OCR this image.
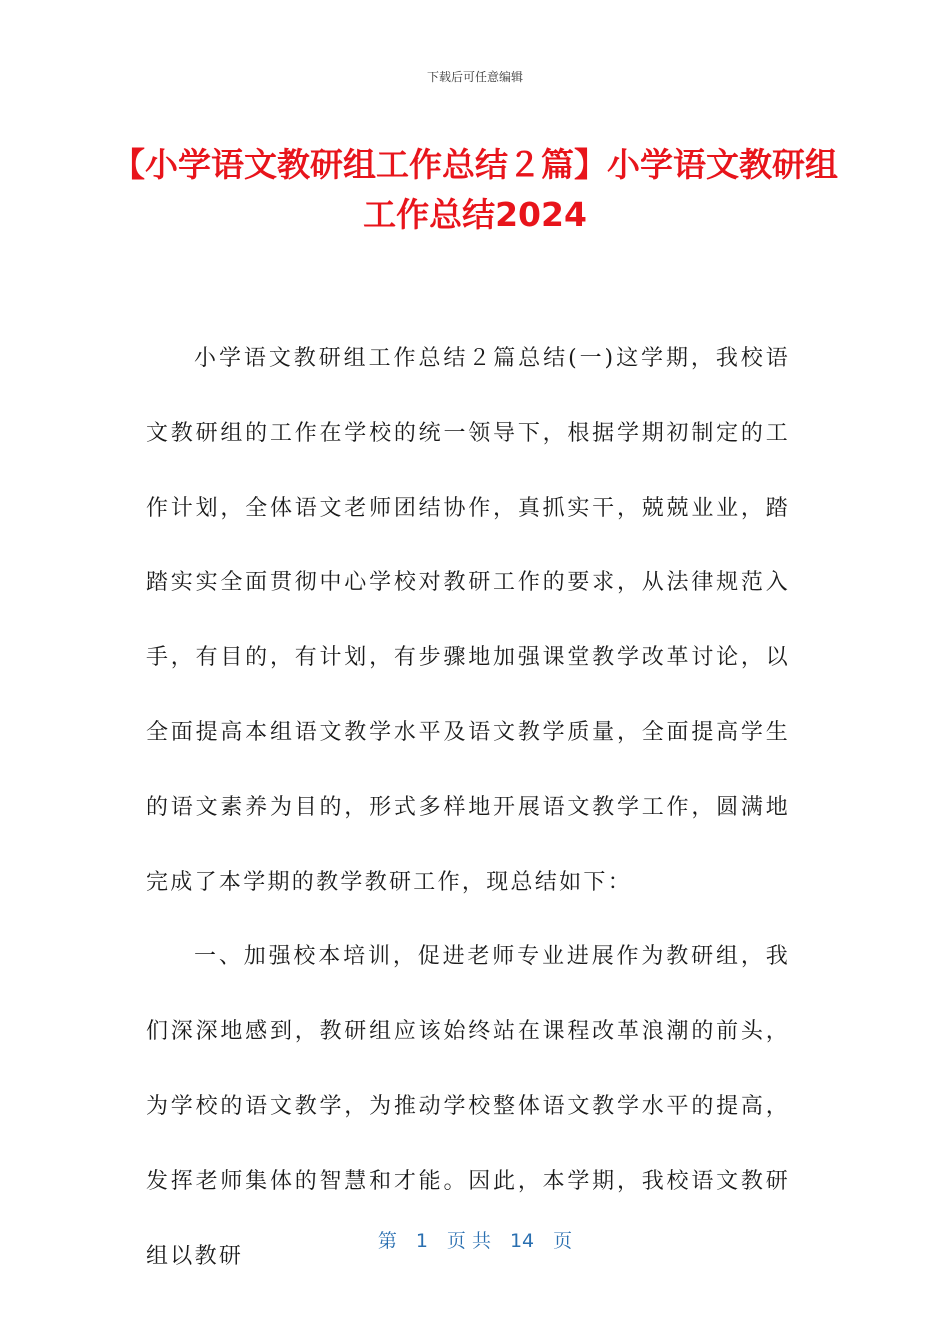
下载后可任意编辑
【小学语文教研组工作总结２篇】小学语文教研组工作总结2024

小学语文教研组工作总结２篇总结(一)这学期，我校语文教研组的工作在学校的统一领导下，根据学期初制定的工作计划，全体语文老师团结协作，真抓实干，兢兢业业，踏踏实实全面贯彻中心学校对教研工作的要求，从法律规范入手，有目的，有计划，有步骤地加强课堂教学改革讨论，以全面提高本组语文教学水平及语文教学质量，全面提高学生的语文素养为目的，形式多样地开展语文教学工作，圆满地完成了本学期的教学教研工作，现总结如下：

一、加强校本培训，促进老师专业进展作为教研组，我们深深地感到，教研组应该始终站在课程改革浪潮的前头，为学校的语文教学，为推动学校整体语文教学水平的提高，发挥老师集体的智慧和才能。因此，本学期，我校语文教研组以教研

第　1　页 共　14　页
